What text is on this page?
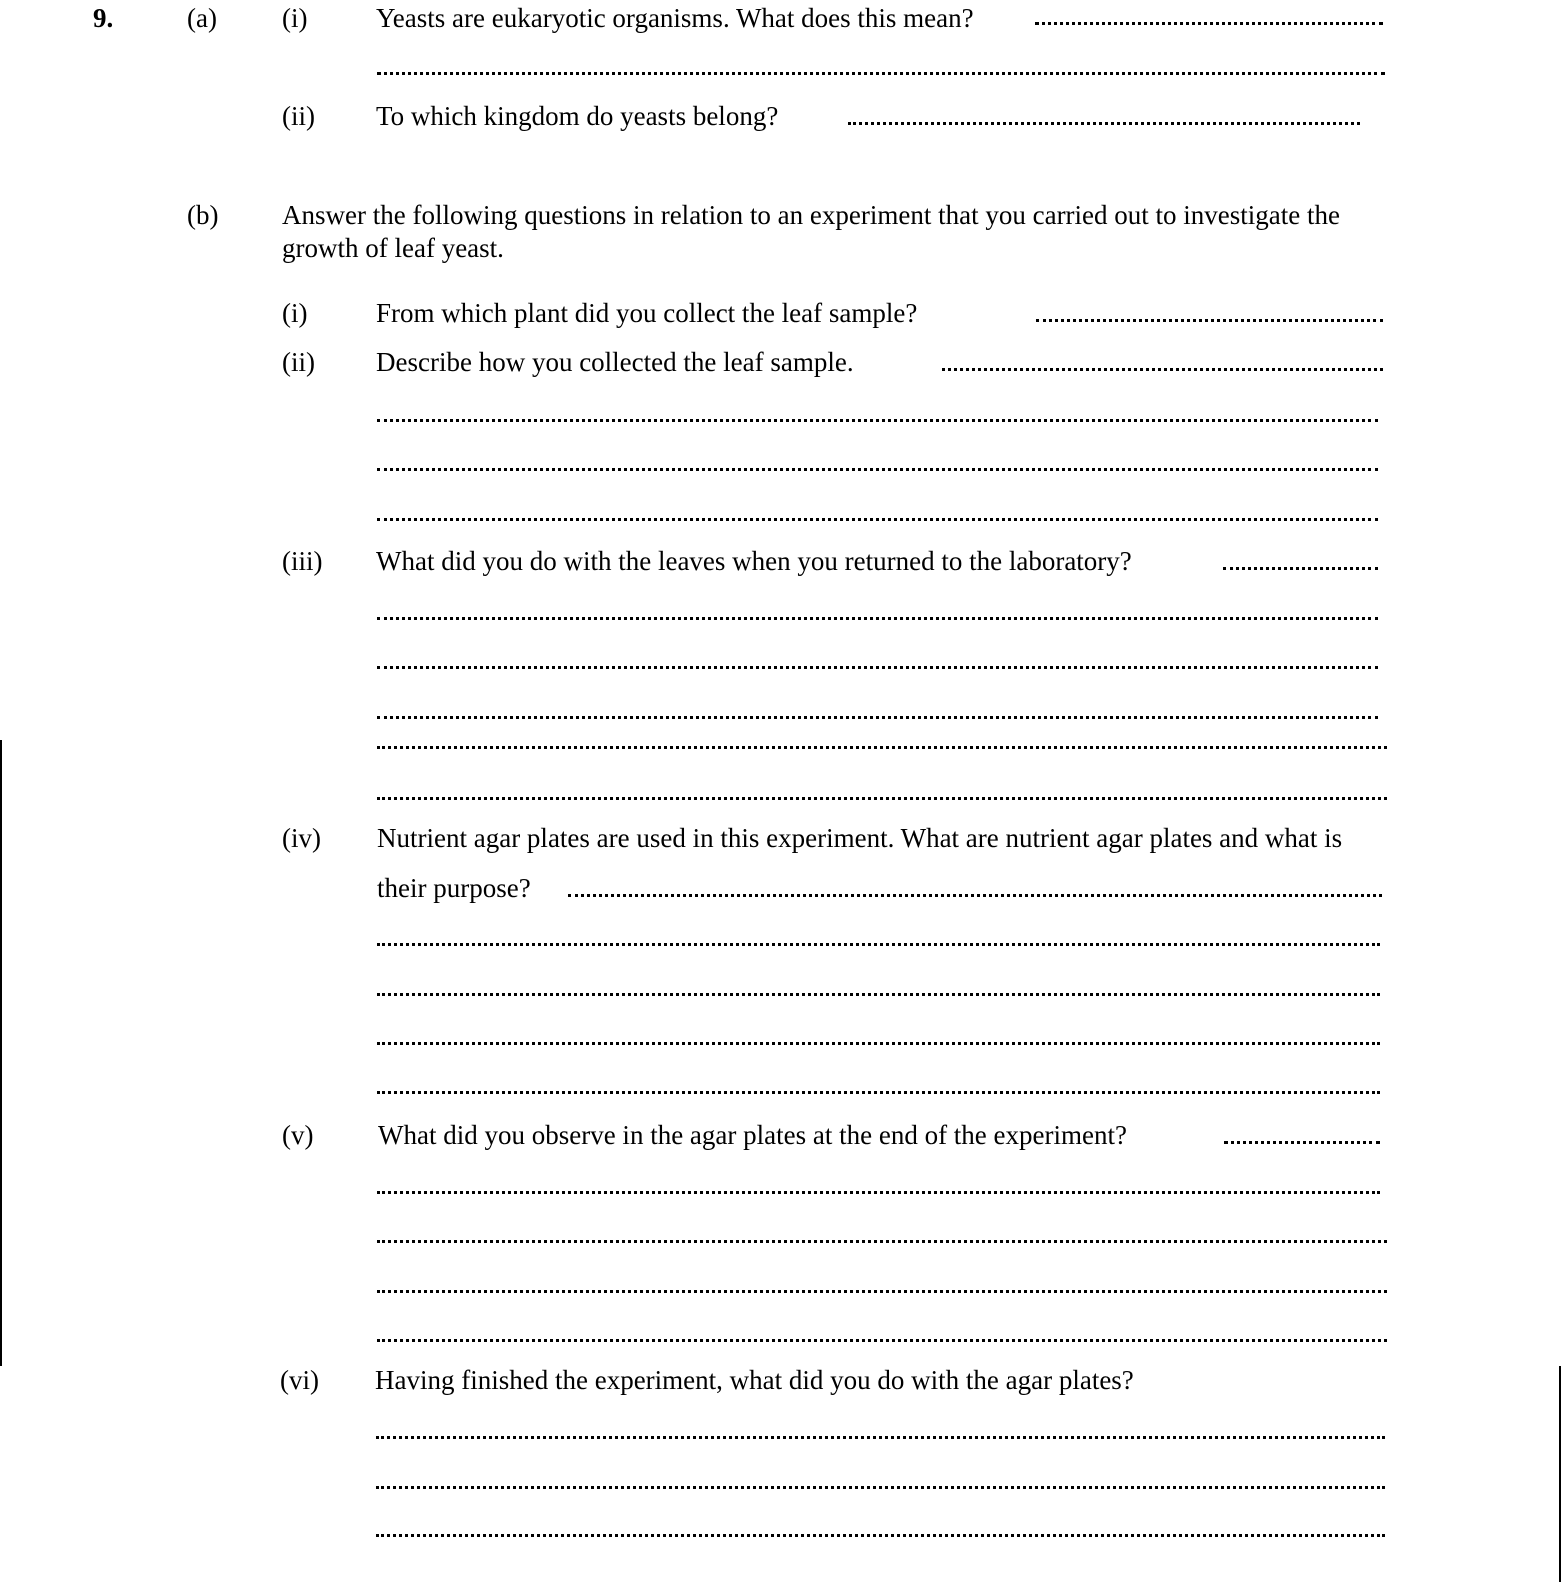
9.	(a) (i)	Yeasts are eukaryotic organisms. What does this mean?
(ii) To which kingdom do yeasts belong?
(b) Answer the following questions in relation to an experiment that you carried out to investigate the growth of leaf yeast.
(i)	From which plant did you collect the leaf sample?
(ii) Describe how you collected the leaf sample.
(iii) What did you do with the leaves when you returned to the laboratory?
(iv) Nutrient agar plates are used in this experiment. What are nutrient agar plates and what is
their purpose?
(v) What did you observe in the agar plates at the end of the experiment?
(vi) Having finished the experiment, what did you do with the agar plates?
